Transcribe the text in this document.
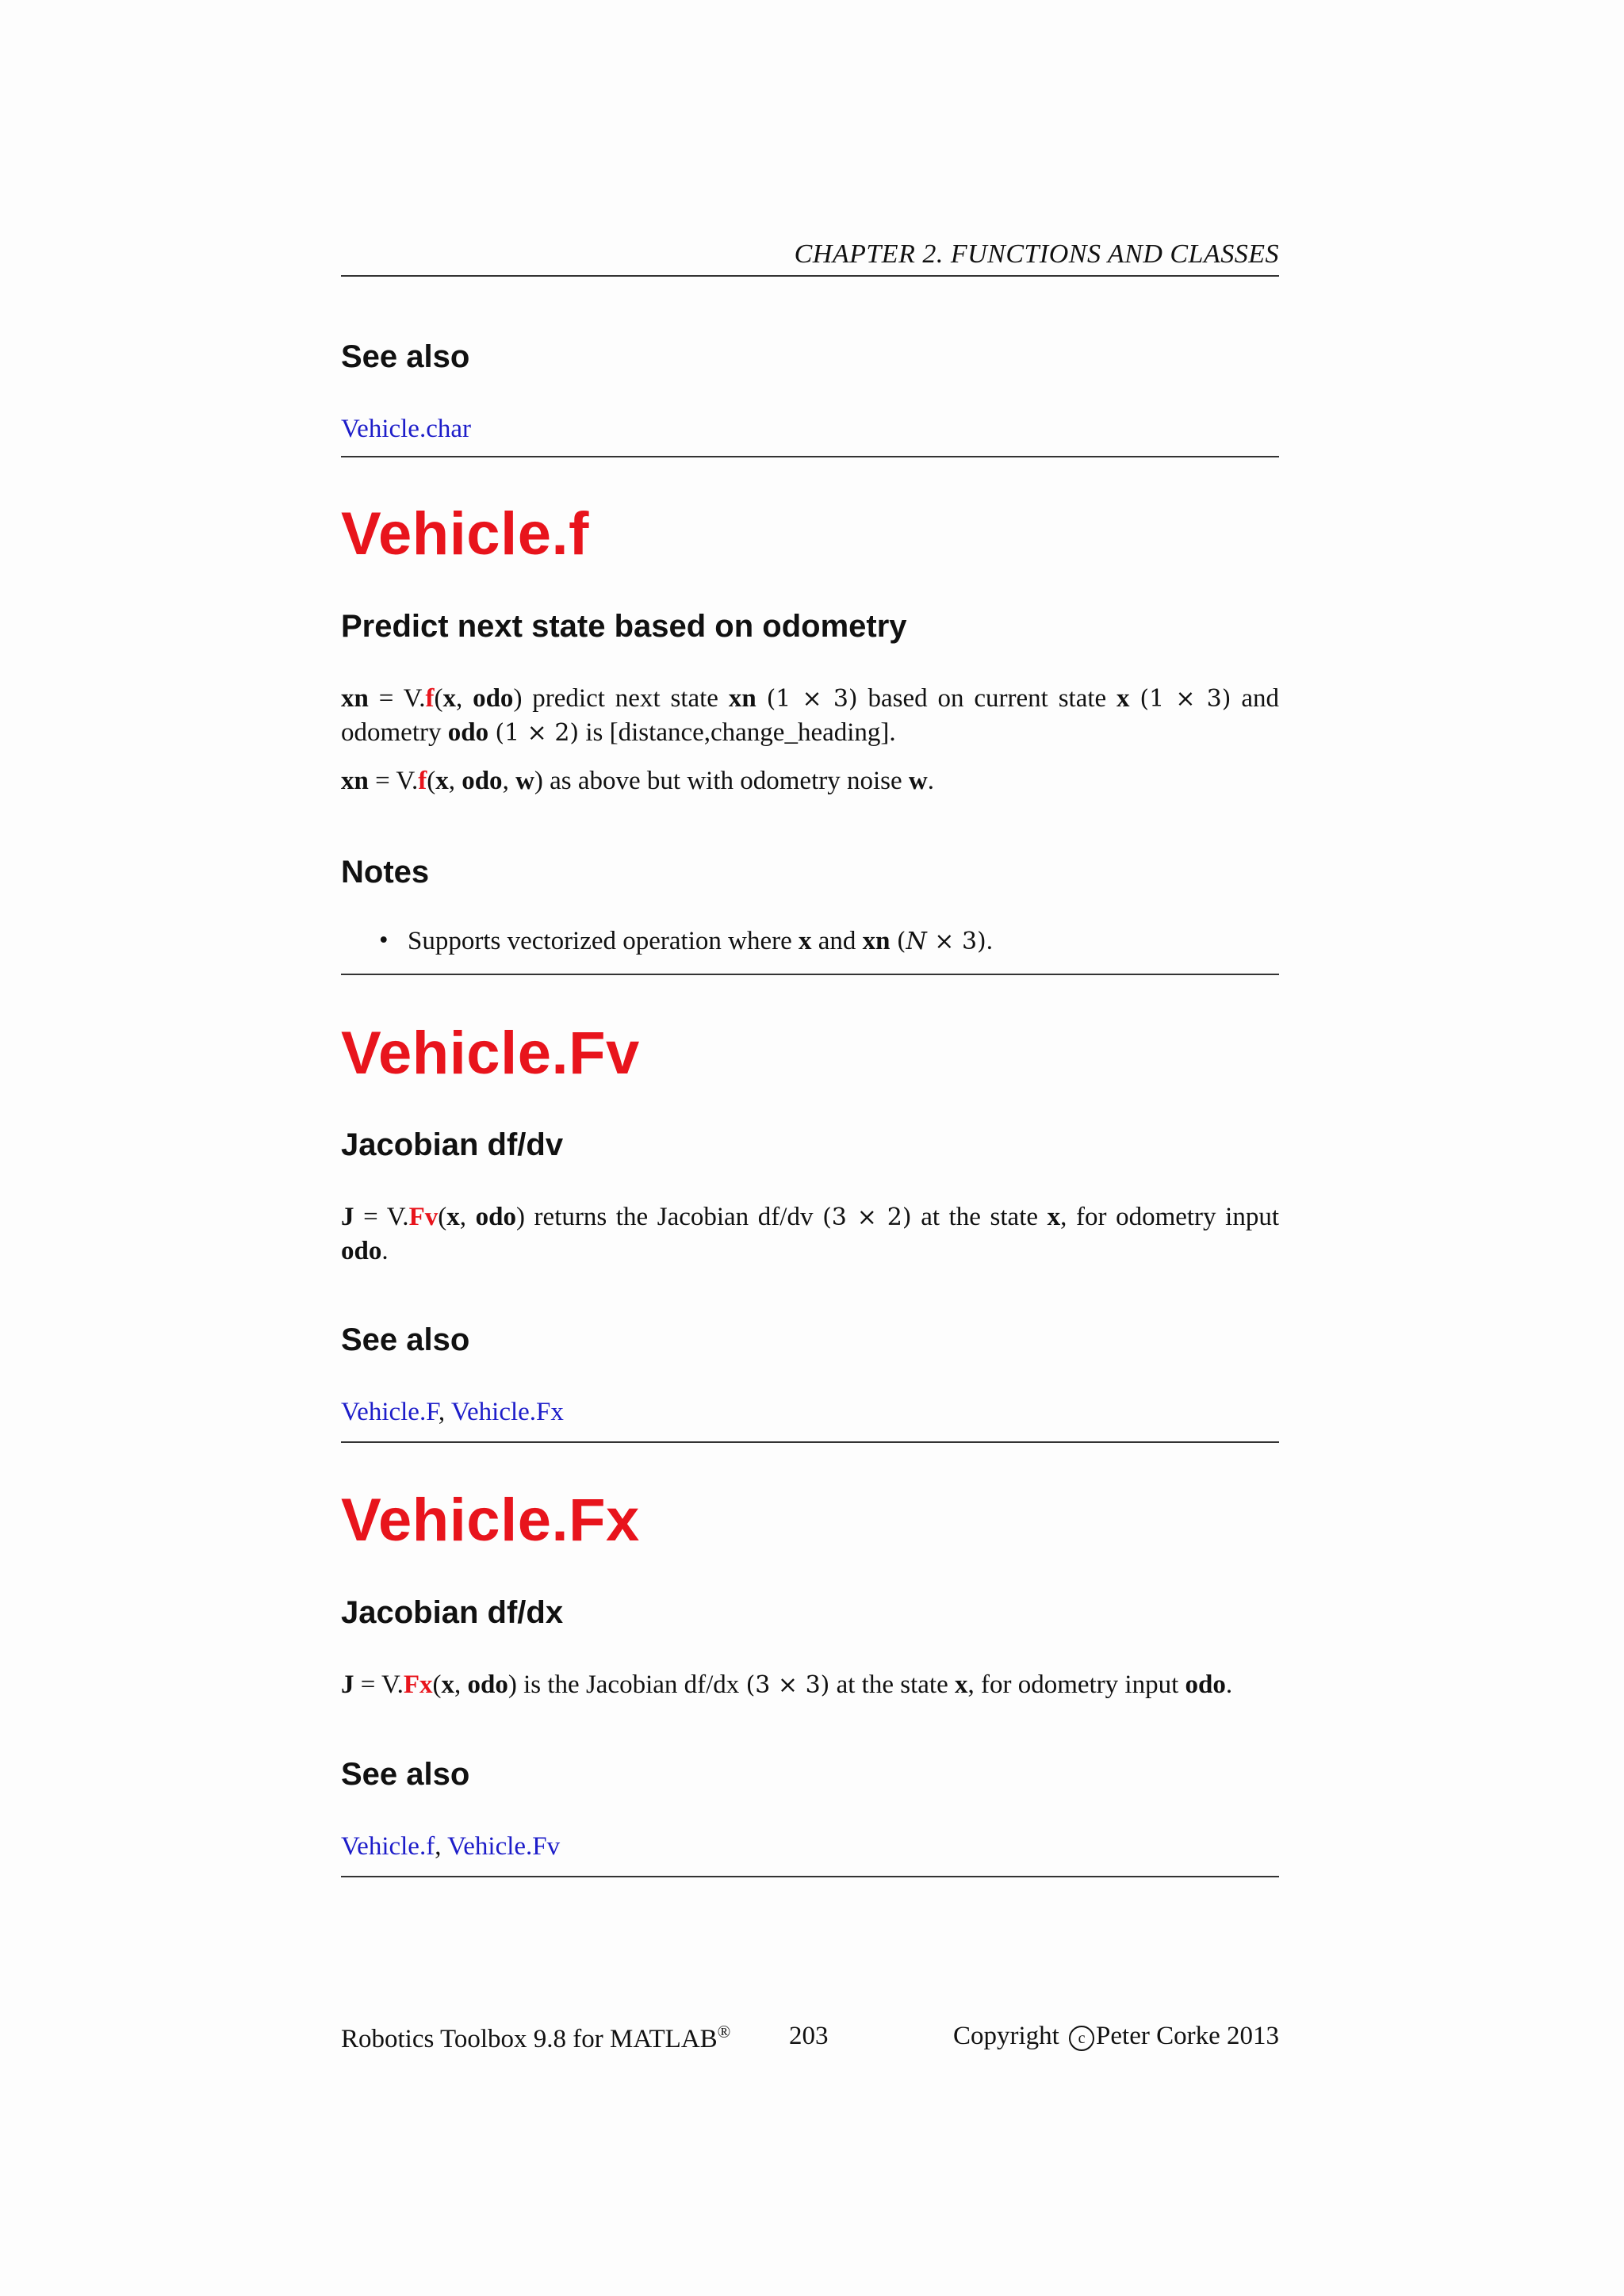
CHAPTER 2. FUNCTIONS AND CLASSES
See also
Vehicle.char
Vehicle.f
Predict next state based on odometry
xn = V.f(x, odo) predict next state xn (1 × 3) based on current state x (1 × 3) and odometry odo (1 × 2) is [distance,change_heading].
xn = V.f(x, odo, w) as above but with odometry noise w.
Notes
• Supports vectorized operation where x and xn (N × 3).
Vehicle.Fv
Jacobian df/dv
J = V.Fv(x, odo) returns the Jacobian df/dv (3 × 2) at the state x, for odometry input odo.
See also
Vehicle.F, Vehicle.Fx
Vehicle.Fx
Jacobian df/dx
J = V.Fx(x, odo) is the Jacobian df/dx (3 × 3) at the state x, for odometry input odo.
See also
Vehicle.f, Vehicle.Fv
Robotics Toolbox 9.8 for MATLAB® 203	Copyright c Peter Corke 2013
